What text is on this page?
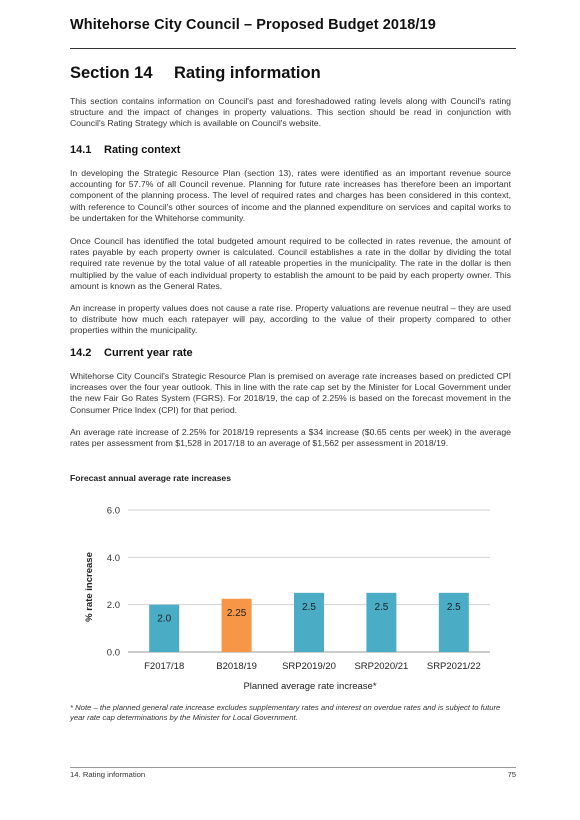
Whitehorse City Council – Proposed Budget 2018/19
Section 14 Rating information

This section contains information on Council's past and foreshadowed rating levels along with Council's rating structure and the impact of changes in property valuations. This section should be read in conjunction with Council's Rating Strategy which is available on Council's website.

14.1 Rating context

In developing the Strategic Resource Plan (section 13), rates were identified as an important revenue source accounting for 57.7% of all Council revenue. Planning for future rate increases has therefore been an important component of the planning process. The level of required rates and charges has been considered in this context, with reference to Council's other sources of income and the planned expenditure on services and capital works to be undertaken for the Whitehorse community.

Once Council has identified the total budgeted amount required to be collected in rates revenue, the amount of rates payable by each property owner is calculated. Council establishes a rate in the dollar by dividing the total required rate revenue by the total value of all rateable properties in the municipality. The rate in the dollar is then multiplied by the value of each individual property to establish the amount to be paid by each property owner. This amount is known as the General Rates.

An increase in property values does not cause a rate rise. Property valuations are revenue neutral – they are used to distribute how much each ratepayer will pay, according to the value of their property compared to other properties within the municipality.

14.2 Current year rate

Whitehorse City Council's Strategic Resource Plan is premised on average rate increases based on predicted CPI increases over the four year outlook. This in line with the rate cap set by the Minister for Local Government under the new Fair Go Rates System (FGRS). For 2018/19, the cap of 2.25% is based on the forecast movement in the Consumer Price Index (CPI) for that period.

An average rate increase of 2.25% for 2018/19 represents a $34 increase ($0.65 cents per week) in the average rates per assessment from $1,528 in 2017/18 to an average of $1,562 per assessment in 2018/19.

Forecast annual average rate increases
0.0
2.0
4.0
6.0
2.0
2.25
2.5	2.5	2.5
F2017/18	B2018/19	SRP2019/20 SRP2020/21 SRP2021/22
% rate increase
Planned average rate increase*

* Note – the planned general rate increase excludes supplementary rates and interest on overdue rates and is subject to future year rate cap determinations by the Minister for Local Government.

14. Rating information	75
